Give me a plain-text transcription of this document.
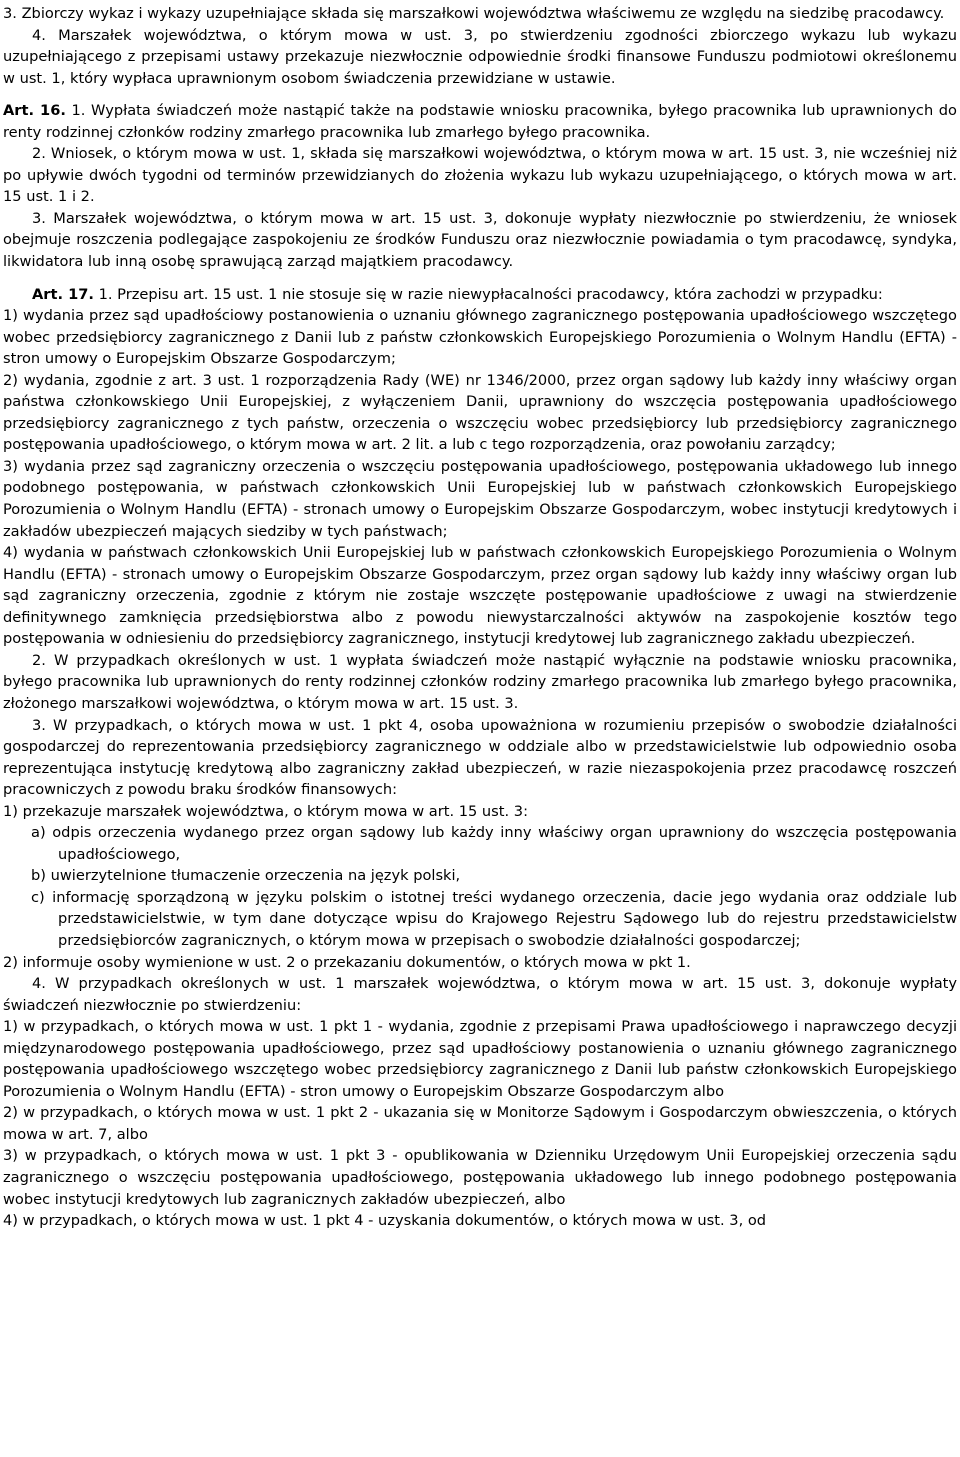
3. Zbiorczy wykaz i wykazy uzupełniające składa się marszałkowi województwa właściwemu ze względu na siedzibę pracodawcy.
4. Marszałek województwa, o którym mowa w ust. 3, po stwierdzeniu zgodności zbiorczego wykazu lub wykazu uzupełniającego z przepisami ustawy przekazuje niezwłocznie odpowiednie środki finansowe Funduszu podmiotowi określonemu w ust. 1, który wypłaca uprawnionym osobom świadczenia przewidziane w ustawie.
Art. 16. 1. Wypłata świadczeń może nastąpić także na podstawie wniosku pracownika, byłego pracownika lub uprawnionych do renty rodzinnej członków rodziny zmarłego pracownika lub zmarłego byłego pracownika.
2. Wniosek, o którym mowa w ust. 1, składa się marszałkowi województwa, o którym mowa w art. 15 ust. 3, nie wcześniej niż po upływie dwóch tygodni od terminów przewidzianych do złożenia wykazu lub wykazu uzupełniającego, o których mowa w art. 15 ust. 1 i 2.
3. Marszałek województwa, o którym mowa w art. 15 ust. 3, dokonuje wypłaty niezwłocznie po stwierdzeniu, że wniosek obejmuje roszczenia podlegające zaspokojeniu ze środków Funduszu oraz niezwłocznie powiadamia o tym pracodawcę, syndyka, likwidatora lub inną osobę sprawującą zarząd majątkiem pracodawcy.
Art. 17. 1. Przepisu art. 15 ust. 1 nie stosuje się w razie niewypłacalności pracodawcy, która zachodzi w przypadku:
1) wydania przez sąd upadłościowy postanowienia o uznaniu głównego zagranicznego postępowania upadłościowego wszczętego wobec przedsiębiorcy zagranicznego z Danii lub z państw członkowskich Europejskiego Porozumienia o Wolnym Handlu (EFTA) - stron umowy o Europejskim Obszarze Gospodarczym;
2) wydania, zgodnie z art. 3 ust. 1 rozporządzenia Rady (WE) nr 1346/2000, przez organ sądowy lub każdy inny właściwy organ państwa członkowskiego Unii Europejskiej, z wyłączeniem Danii, uprawniony do wszczęcia postępowania upadłościowego przedsiębiorcy zagranicznego z tych państw, orzeczenia o wszczęciu wobec przedsiębiorcy lub przedsiębiorcy zagranicznego postępowania upadłościowego, o którym mowa w art. 2 lit. a lub c tego rozporządzenia, oraz powołaniu zarządcy;
3) wydania przez sąd zagraniczny orzeczenia o wszczęciu postępowania upadłościowego, postępowania układowego lub innego podobnego postępowania, w państwach członkowskich Unii Europejskiej lub w państwach członkowskich Europejskiego Porozumienia o Wolnym Handlu (EFTA) - stronach umowy o Europejskim Obszarze Gospodarczym, wobec instytucji kredytowych i zakładów ubezpieczeń mających siedziby w tych państwach;
4) wydania w państwach członkowskich Unii Europejskiej lub w państwach członkowskich Europejskiego Porozumienia o Wolnym Handlu (EFTA) - stronach umowy o Europejskim Obszarze Gospodarczym, przez organ sądowy lub każdy inny właściwy organ lub sąd zagraniczny orzeczenia, zgodnie z którym nie zostaje wszczęte postępowanie upadłościowe z uwagi na stwierdzenie definitywnego zamknięcia przedsiębiorstwa albo z powodu niewystarczalności aktywów na zaspokojenie kosztów tego postępowania w odniesieniu do przedsiębiorcy zagranicznego, instytucji kredytowej lub zagranicznego zakładu ubezpieczeń.
2. W przypadkach określonych w ust. 1 wypłata świadczeń może nastąpić wyłącznie na podstawie wniosku pracownika, byłego pracownika lub uprawnionych do renty rodzinnej członków rodziny zmarłego pracownika lub zmarłego byłego pracownika, złożonego marszałkowi województwa, o którym mowa w art. 15 ust. 3.
3. W przypadkach, o których mowa w ust. 1 pkt 4, osoba upoważniona w rozumieniu przepisów o swobodzie działalności gospodarczej do reprezentowania przedsiębiorcy zagranicznego w oddziale albo w przedstawicielstwie lub odpowiednio osoba reprezentująca instytucję kredytową albo zagraniczny zakład ubezpieczeń, w razie niezaspokojenia przez pracodawcę roszczeń pracowniczych z powodu braku środków finansowych:
1) przekazuje marszałek województwa, o którym mowa w art. 15 ust. 3:
a) odpis orzeczenia wydanego przez organ sądowy lub każdy inny właściwy organ uprawniony do wszczęcia postępowania upadłościowego,
b) uwierzytelnione tłumaczenie orzeczenia na język polski,
c) informację sporządzoną w języku polskim o istotnej treści wydanego orzeczenia, dacie jego wydania oraz oddziale lub przedstawicielstwie, w tym dane dotyczące wpisu do Krajowego Rejestru Sądowego lub do rejestru przedstawicielstw przedsiębiorców zagranicznych, o którym mowa w przepisach o swobodzie działalności gospodarczej;
2) informuje osoby wymienione w ust. 2 o przekazaniu dokumentów, o których mowa w pkt 1.
4. W przypadkach określonych w ust. 1 marszałek województwa, o którym mowa w art. 15 ust. 3, dokonuje wypłaty świadczeń niezwłocznie po stwierdzeniu:
1) w przypadkach, o których mowa w ust. 1 pkt 1 - wydania, zgodnie z przepisami Prawa upadłościowego i naprawczego decyzji międzynarodowego postępowania upadłościowego, przez sąd upadłościowy postanowienia o uznaniu głównego zagranicznego postępowania upadłościowego wszczętego wobec przedsiębiorcy zagranicznego z Danii lub państw członkowskich Europejskiego Porozumienia o Wolnym Handlu (EFTA) - stron umowy o Europejskim Obszarze Gospodarczym albo
2) w przypadkach, o których mowa w ust. 1 pkt 2 - ukazania się w Monitorze Sądowym i Gospodarczym obwieszczenia, o których mowa w art. 7, albo
3) w przypadkach, o których mowa w ust. 1 pkt 3 - opublikowania w Dzienniku Urzędowym Unii Europejskiej orzeczenia sądu zagranicznego o wszczęciu postępowania upadłościowego, postępowania układowego lub innego podobnego postępowania wobec instytucji kredytowych lub zagranicznych zakładów ubezpieczeń, albo
4) w przypadkach, o których mowa w ust. 1 pkt 4 - uzyskania dokumentów, o których mowa w ust. 3, od
